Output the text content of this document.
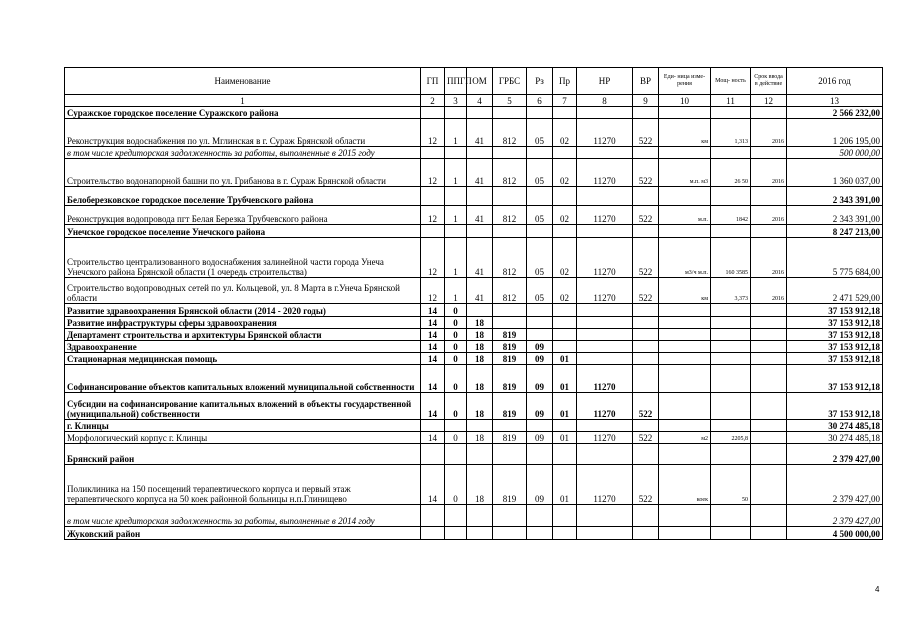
Наименование	ГП	ППГП	ОМ	ГРБС	Рз	Пр	НР	ВР	Еди- ница изме- рения	Мощ- ность	Срок ввода в действие	2016 год
1	2	3	4	5	6	7	8	9	10	11	12	13
Суражское городское поселение Суражского района												2 566 232,00
Реконструкция водоснабжения по ул. Мглинская в г. Сураж Брянской области	12	1	41	812	05	02	11270	522	км	1,313	2016	1 206 195,00
в том числе кредиторская задолженность за работы, выполненные в 2015 году												500 000,00
Строительство водонапорной башни по ул. Грибанова в г. Сураж Брянской области	12	1	41	812	05	02	11270	522	м.п. м3	26 50	2016	1 360 037,00
Белоберезковское городское поселение Трубчевского района												2 343 391,00
Реконструкция водопровода пгт Белая Березка Трубчевского района	12	1	41	812	05	02	11270	522	м.п.	1842	2016	2 343 391,00
Унечское городское поселение Унечского района												8 247 213,00
Строительство централизованного водоснабжения залинейной части города Унеча Унечского района Брянской области (1 очередь строительства)	12	1	41	812	05	02	11270	522	м3/ч м.п.	160 3585	2016	5 775 684,00
Строительство водопроводных сетей по ул. Кольцевой, ул. 8 Марта в г.Унеча Брянской области	12	1	41	812	05	02	11270	522	км	3,373	2016	2 471 529,00
Развитие здравоохранения Брянской области (2014 - 2020 годы)	14	0										37 153 912,18
Развитие инфраструктуры сферы здравоохранения	14	0	18									37 153 912,18
Департамент строительства и архитектуры Брянской области	14	0	18	819								37 153 912,18
Здравоохранение	14	0	18	819	09							37 153 912,18
Стационарная медицинская помощь	14	0	18	819	09	01						37 153 912,18
Софинансирование объектов капитальных вложений муниципальной собственности	14	0	18	819	09	01	11270					37 153 912,18
Субсидии на софинансирование капитальных вложений в объекты государственной (муниципальной) собственности	14	0	18	819	09	01	11270	522				37 153 912,18
г. Клинцы												30 274 485,18
Морфологический корпус г. Клинцы	14	0	18	819	09	01	11270	522	м2	2205,8		30 274 485,18
Брянский район												2 379 427,00
Поликлиника на 150 посещений терапевтического корпуса и первый этаж терапевтического корпуса на 50 коек районной больницы н.п.Глинищево	14	0	18	819	09	01	11270	522	коек	50		2 379 427,00
в том числе кредиторская задолженность за работы, выполненные в 2014 году												2 379 427,00
Жуковский район												4 500 000,00
4
